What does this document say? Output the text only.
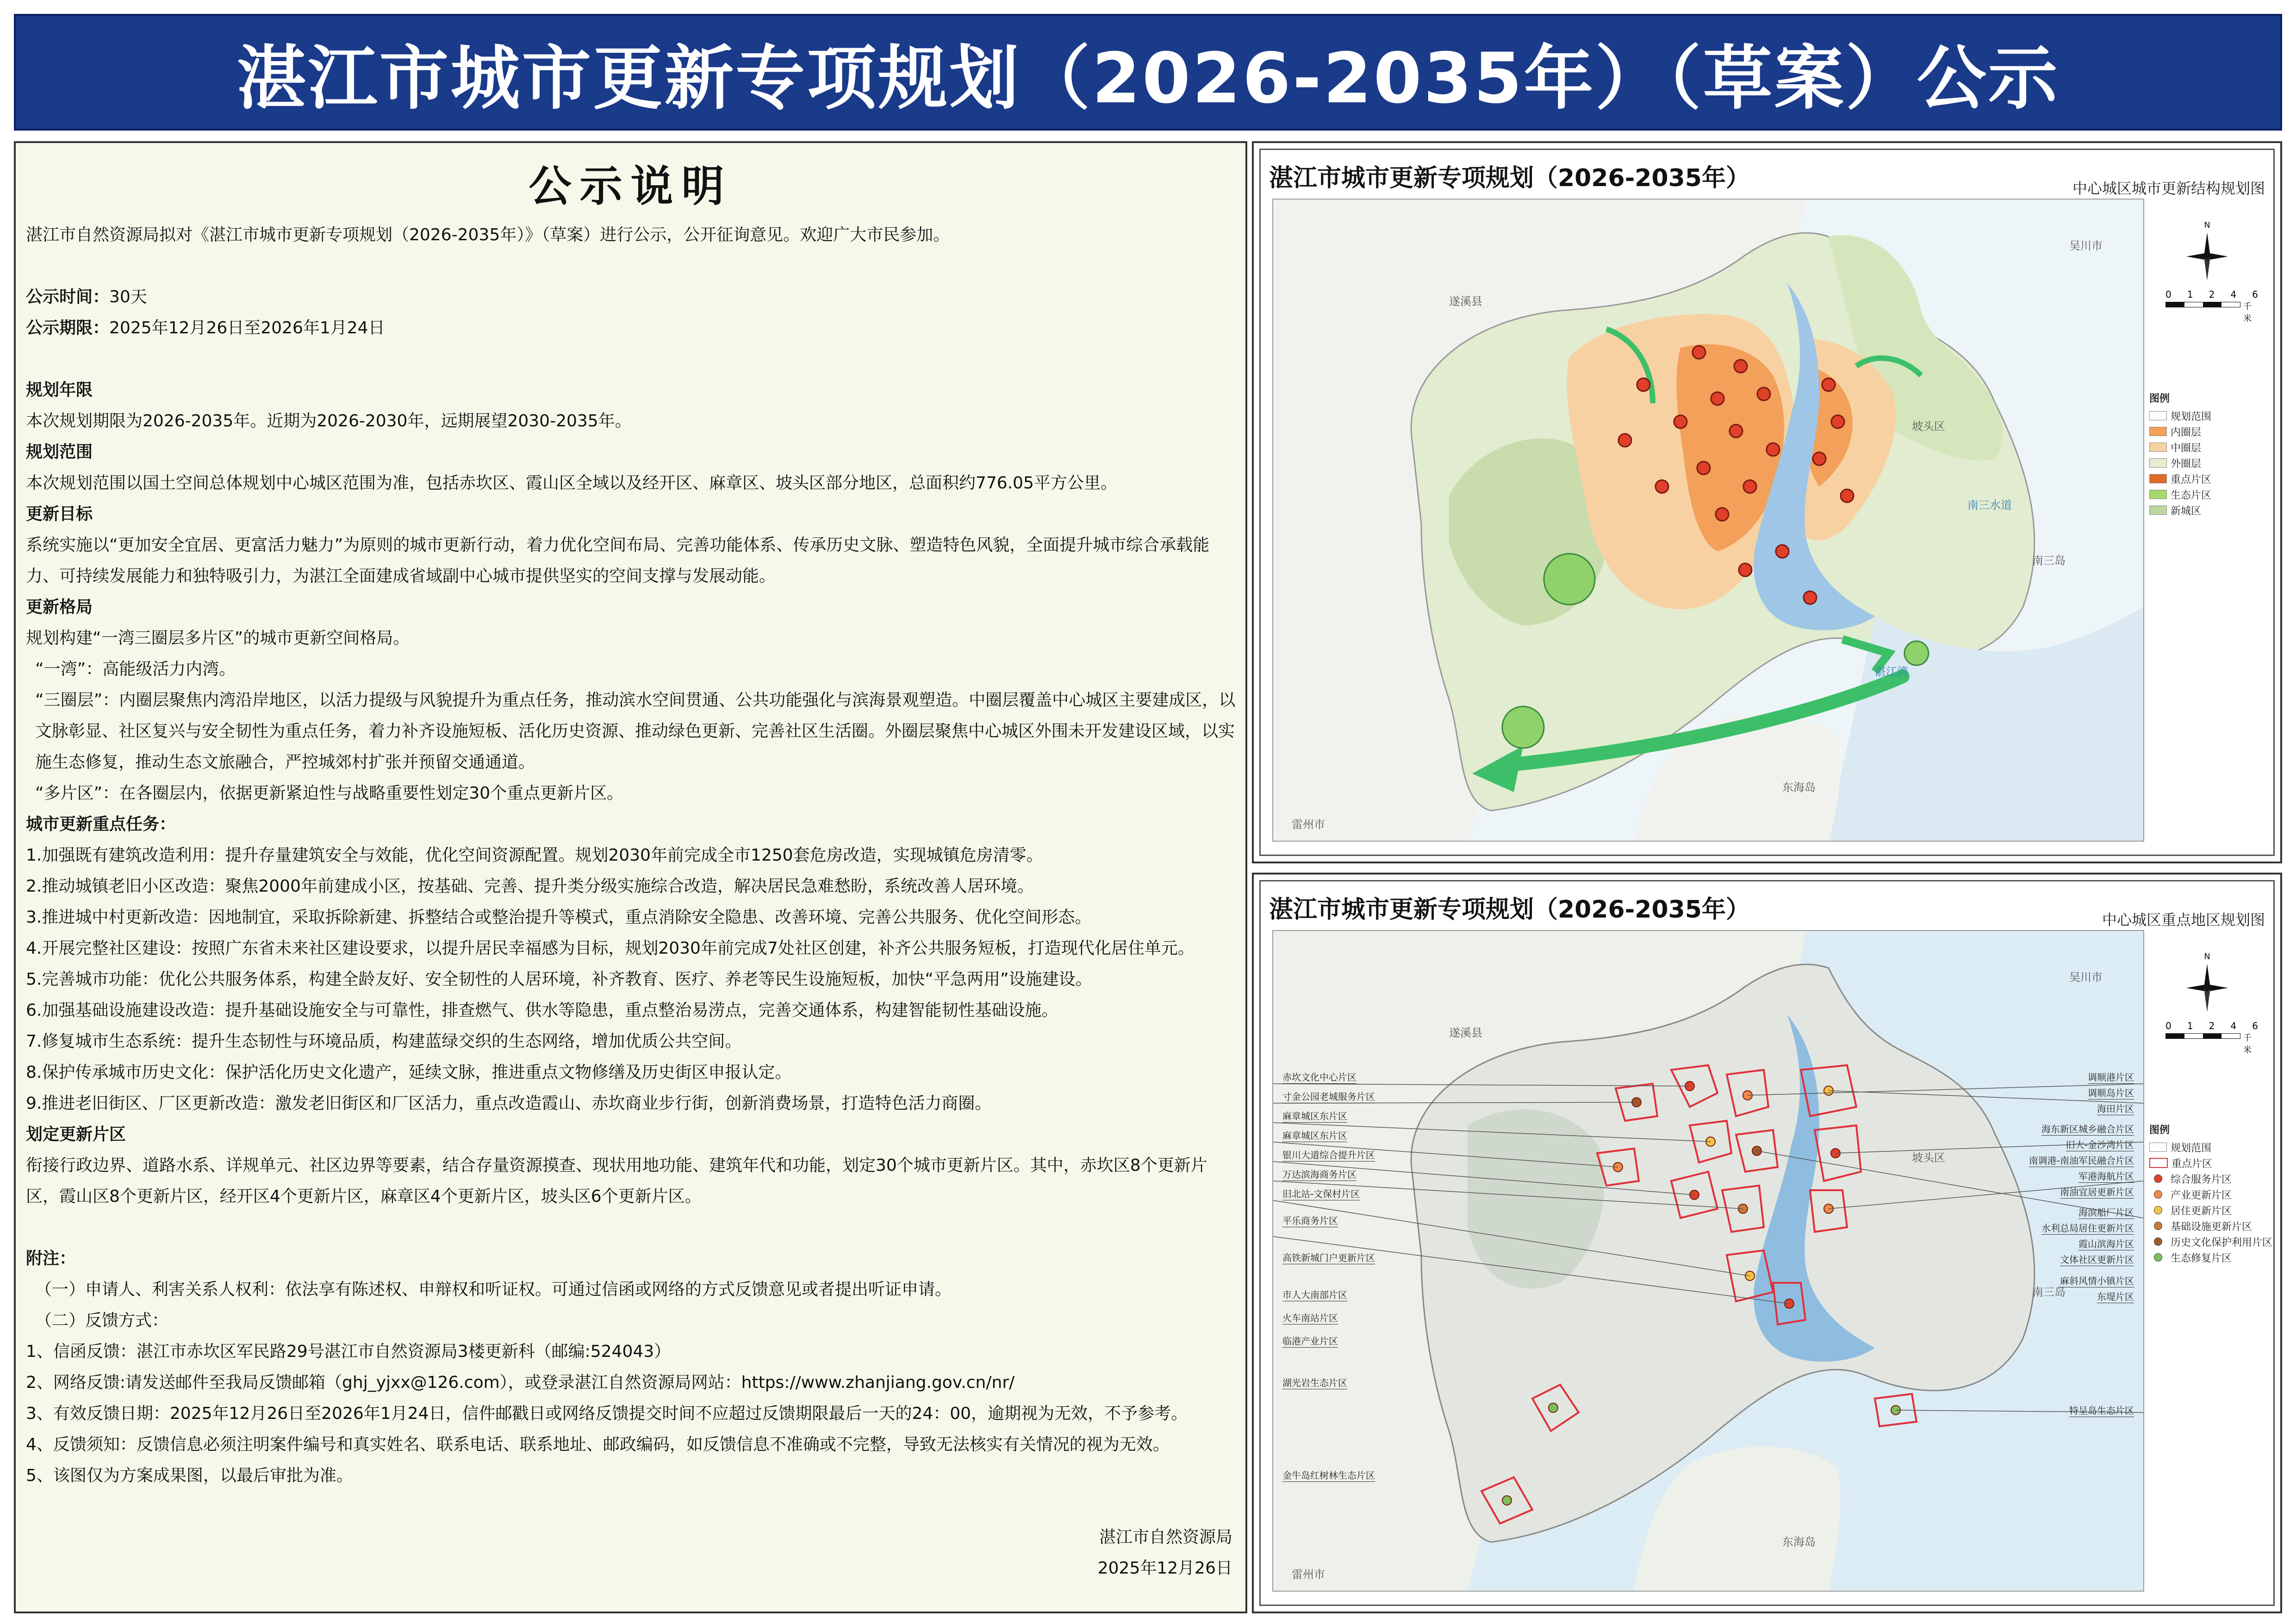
湛江市城市更新专项规划（2026-2035年）（草案）公示
公示说明

湛江市自然资源局拟对《湛江市城市更新专项规划（2026-2035年）》（草案）进行公示，公开征询意见。欢迎广大市民参加。

公示时间：30天

公示期限：2025年12月26日至2026年1月24日

规划年限

本次规划期限为2026-2035年。近期为2026-2030年，远期展望2030-2035年。

规划范围

本次规划范围以国土空间总体规划中心城区范围为准，包括赤坎区、霞山区全域以及经开区、麻章区、坡头区部分地区，总面积约776.05平方公里。

更新目标

系统实施以“更加安全宜居、更富活力魅力”为原则的城市更新行动，着力优化空间布局、完善功能体系、传承历史文脉、塑造特色风貌，全面提升城市综合承载能力、可持续发展能力和独特吸引力，为湛江全面建成省域副中心城市提供坚实的空间支撑与发展动能。

更新格局

规划构建“一湾三圈层多片区”的城市更新空间格局。

“一湾”：高能级活力内湾。

“三圈层”：内圈层聚焦内湾沿岸地区，以活力提级与风貌提升为重点任务，推动滨水空间贯通、公共功能强化与滨海景观塑造。中圈层覆盖中心城区主要建成区，以文脉彰显、社区复兴与安全韧性为重点任务，着力补齐设施短板、活化历史资源、推动绿色更新、完善社区生活圈。外圈层聚焦中心城区外围未开发建设区域，以实施生态修复，推动生态文旅融合，严控城郊村扩张并预留交通通道。

“多片区”：在各圈层内，依据更新紧迫性与战略重要性划定30个重点更新片区。

城市更新重点任务：

1.加强既有建筑改造利用：提升存量建筑安全与效能，优化空间资源配置。规划2030年前完成全市1250套危房改造，实现城镇危房清零。

2.推动城镇老旧小区改造：聚焦2000年前建成小区，按基础、完善、提升类分级实施综合改造，解决居民急难愁盼，系统改善人居环境。

3.推进城中村更新改造：因地制宜，采取拆除新建、拆整结合或整治提升等模式，重点消除安全隐患、改善环境、完善公共服务、优化空间形态。

4.开展完整社区建设：按照广东省未来社区建设要求，以提升居民幸福感为目标，规划2030年前完成7处社区创建，补齐公共服务短板，打造现代化居住单元。

5.完善城市功能：优化公共服务体系，构建全龄友好、安全韧性的人居环境，补齐教育、医疗、养老等民生设施短板，加快“平急两用”设施建设。

6.加强基础设施建设改造：提升基础设施安全与可靠性，排查燃气、供水等隐患，重点整治易涝点，完善交通体系，构建智能韧性基础设施。

7.修复城市生态系统：提升生态韧性与环境品质，构建蓝绿交织的生态网络，增加优质公共空间。

8.保护传承城市历史文化：保护活化历史文化遗产，延续文脉，推进重点文物修缮及历史街区申报认定。

9.推进老旧街区、厂区更新改造：激发老旧街区和厂区活力，重点改造霞山、赤坎商业步行街，创新消费场景，打造特色活力商圈。

划定更新片区

衔接行政边界、道路水系、详规单元、社区边界等要素，结合存量资源摸查、现状用地功能、建筑年代和功能，划定30个城市更新片区。其中，赤坎区8个更新片区，霞山区8个更新片区，经开区4个更新片区，麻章区4个更新片区，坡头区6个更新片区。

附注：

（一）申请人、利害关系人权利：依法享有陈述权、申辩权和听证权。可通过信函或网络的方式反馈意见或者提出听证申请。

（二）反馈方式：

1、信函反馈：湛江市赤坎区军民路29号湛江市自然资源局3楼更新科（邮编:524043）

2、网络反馈:请发送邮件至我局反馈邮箱（ghj_yjxx@126.com），或登录湛江自然资源局网站：https://www.zhanjiang.gov.cn/nr/

3、有效反馈日期：2025年12月26日至2026年1月24日，信件邮戳日或网络反馈提交时间不应超过反馈期限最后一天的24：00，逾期视为无效，不予参考。

4、反馈须知：反馈信息必须注明案件编号和真实姓名、联系电话、联系地址、邮政编码，如反馈信息不准确或不完整，导致无法核实有关情况的视为无效。

5、该图仅为方案成果图，以最后审批为准。

湛江市自然资源局
2025年12月26日
湛江市城市更新专项规划（2026-2035年）	中心城区城市更新结构规划图
遂溪县
吴川市
南三岛
湛江湾
东海岛
雷州市
坡头区
南三水道
N
0 1 2 4 6
千米
图例
规划范围
内圈层
中圈层
外圈层
重点片区
生态片区
新城区
湛江市城市更新专项规划（2026-2035年）	中心城区重点地区规划图
遂溪县
吴川市
南三岛
东海岛
雷州市
坡头区
赤坎文化中心片区
寸金公园老城服务片区
麻章城区东片区
麻章城区东片区
银川大道综合提升片区
万达滨海商务片区
旧北站-文保村片区
平乐商务片区
高铁新城门户更新片区
市人大南部片区
火车南站片区
临港产业片区
湖光岩生态片区
金牛岛红树林生态片区
调顺港片区
调顺岛片区
海田片区
海东新区城乡融合片区
旧大-金沙湾片区
南调港-南油军民融合片区
军港海航片区
南油宜居更新片区
海滨船厂片区
水利总局居住更新片区
霞山滨海片区
文体社区更新片区
麻斜风情小镇片区
东堤片区
特呈岛生态片区
N
0 1 2 4 6
千米
图例
规划范围
重点片区
综合服务片区
产业更新片区
居住更新片区
基础设施更新片区
历史文化保护利用片区
生态修复片区
